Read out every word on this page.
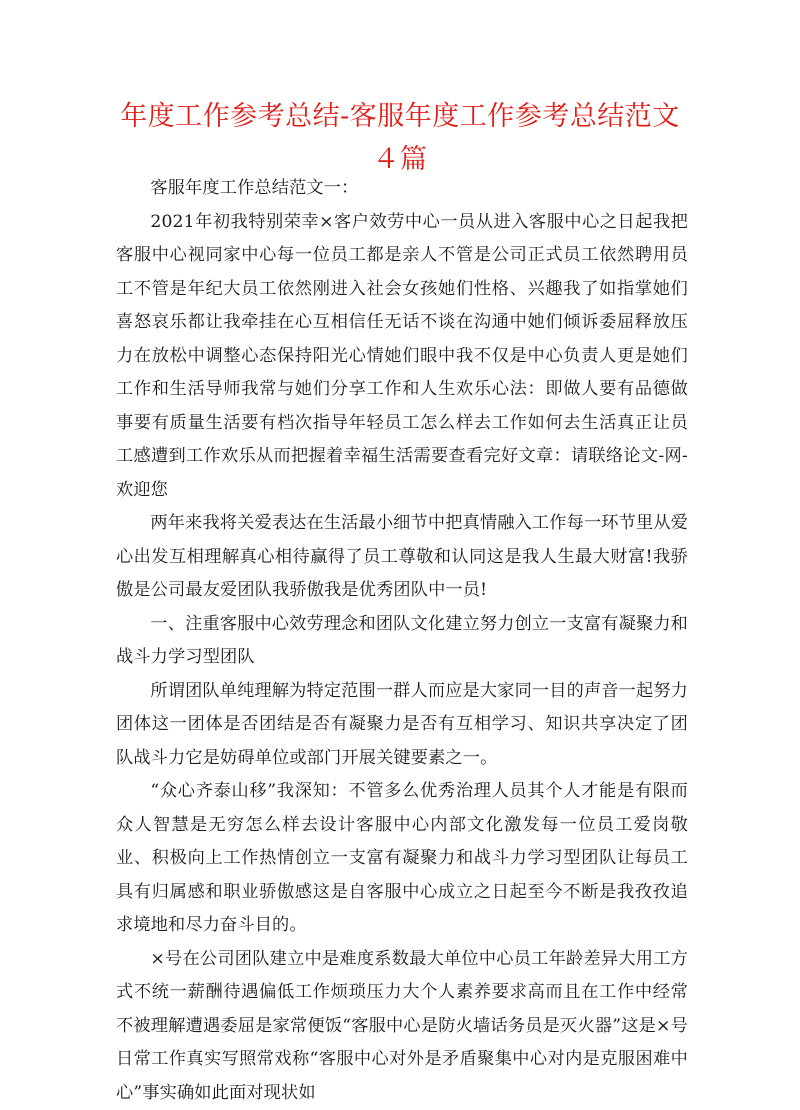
年度工作参考总结-客服年度工作参考总结范文４篇

客服年度工作总结范文一：

2021年初我特别荣幸×客户效劳中心一员从进入客服中心之日起我把客服中心视同家中心每一位员工都是亲人不管是公司正式员工依然聘用员工不管是年纪大员工依然刚进入社会女孩她们性格、兴趣我了如指掌她们喜怒哀乐都让我牵挂在心互相信任无话不谈在沟通中她们倾诉委屈释放压力在放松中调整心态保持阳光心情她们眼中我不仅是中心负责人更是她们工作和生活导师我常与她们分享工作和人生欢乐心法：即做人要有品德做事要有质量生活要有档次指导年轻员工怎么样去工作如何去生活真正让员工感遭到工作欢乐从而把握着幸福生活需要查看完好文章：请联络论文-网-欢迎您

两年来我将关爱表达在生活最小细节中把真情融入工作每一环节里从爱心出发互相理解真心相待赢得了员工尊敬和认同这是我人生最大财富!我骄傲是公司最友爱团队我骄傲我是优秀团队中一员!

一、注重客服中心效劳理念和团队文化建立努力创立一支富有凝聚力和战斗力学习型团队

所谓团队单纯理解为特定范围一群人而应是大家同一目的声音一起努力团体这一团体是否团结是否有凝聚力是否有互相学习、知识共享决定了团队战斗力它是妨碍单位或部门开展关键要素之一。

“众心齐泰山移”我深知：不管多么优秀治理人员其个人才能是有限而众人智慧是无穷怎么样去设计客服中心内部文化激发每一位员工爱岗敬业、积极向上工作热情创立一支富有凝聚力和战斗力学习型团队让每员工具有归属感和职业骄傲感这是自客服中心成立之日起至今不断是我孜孜追求境地和尽力奋斗目的。

×号在公司团队建立中是难度系数最大单位中心员工年龄差异大用工方式不统一薪酬待遇偏低工作烦琐压力大个人素养要求高而且在工作中经常不被理解遭遇委屈是家常便饭“客服中心是防火墙话务员是灭火器”这是×号日常工作真实写照常戏称“客服中心对外是矛盾聚集中心对内是克服困难中心”事实确如此面对现状如
